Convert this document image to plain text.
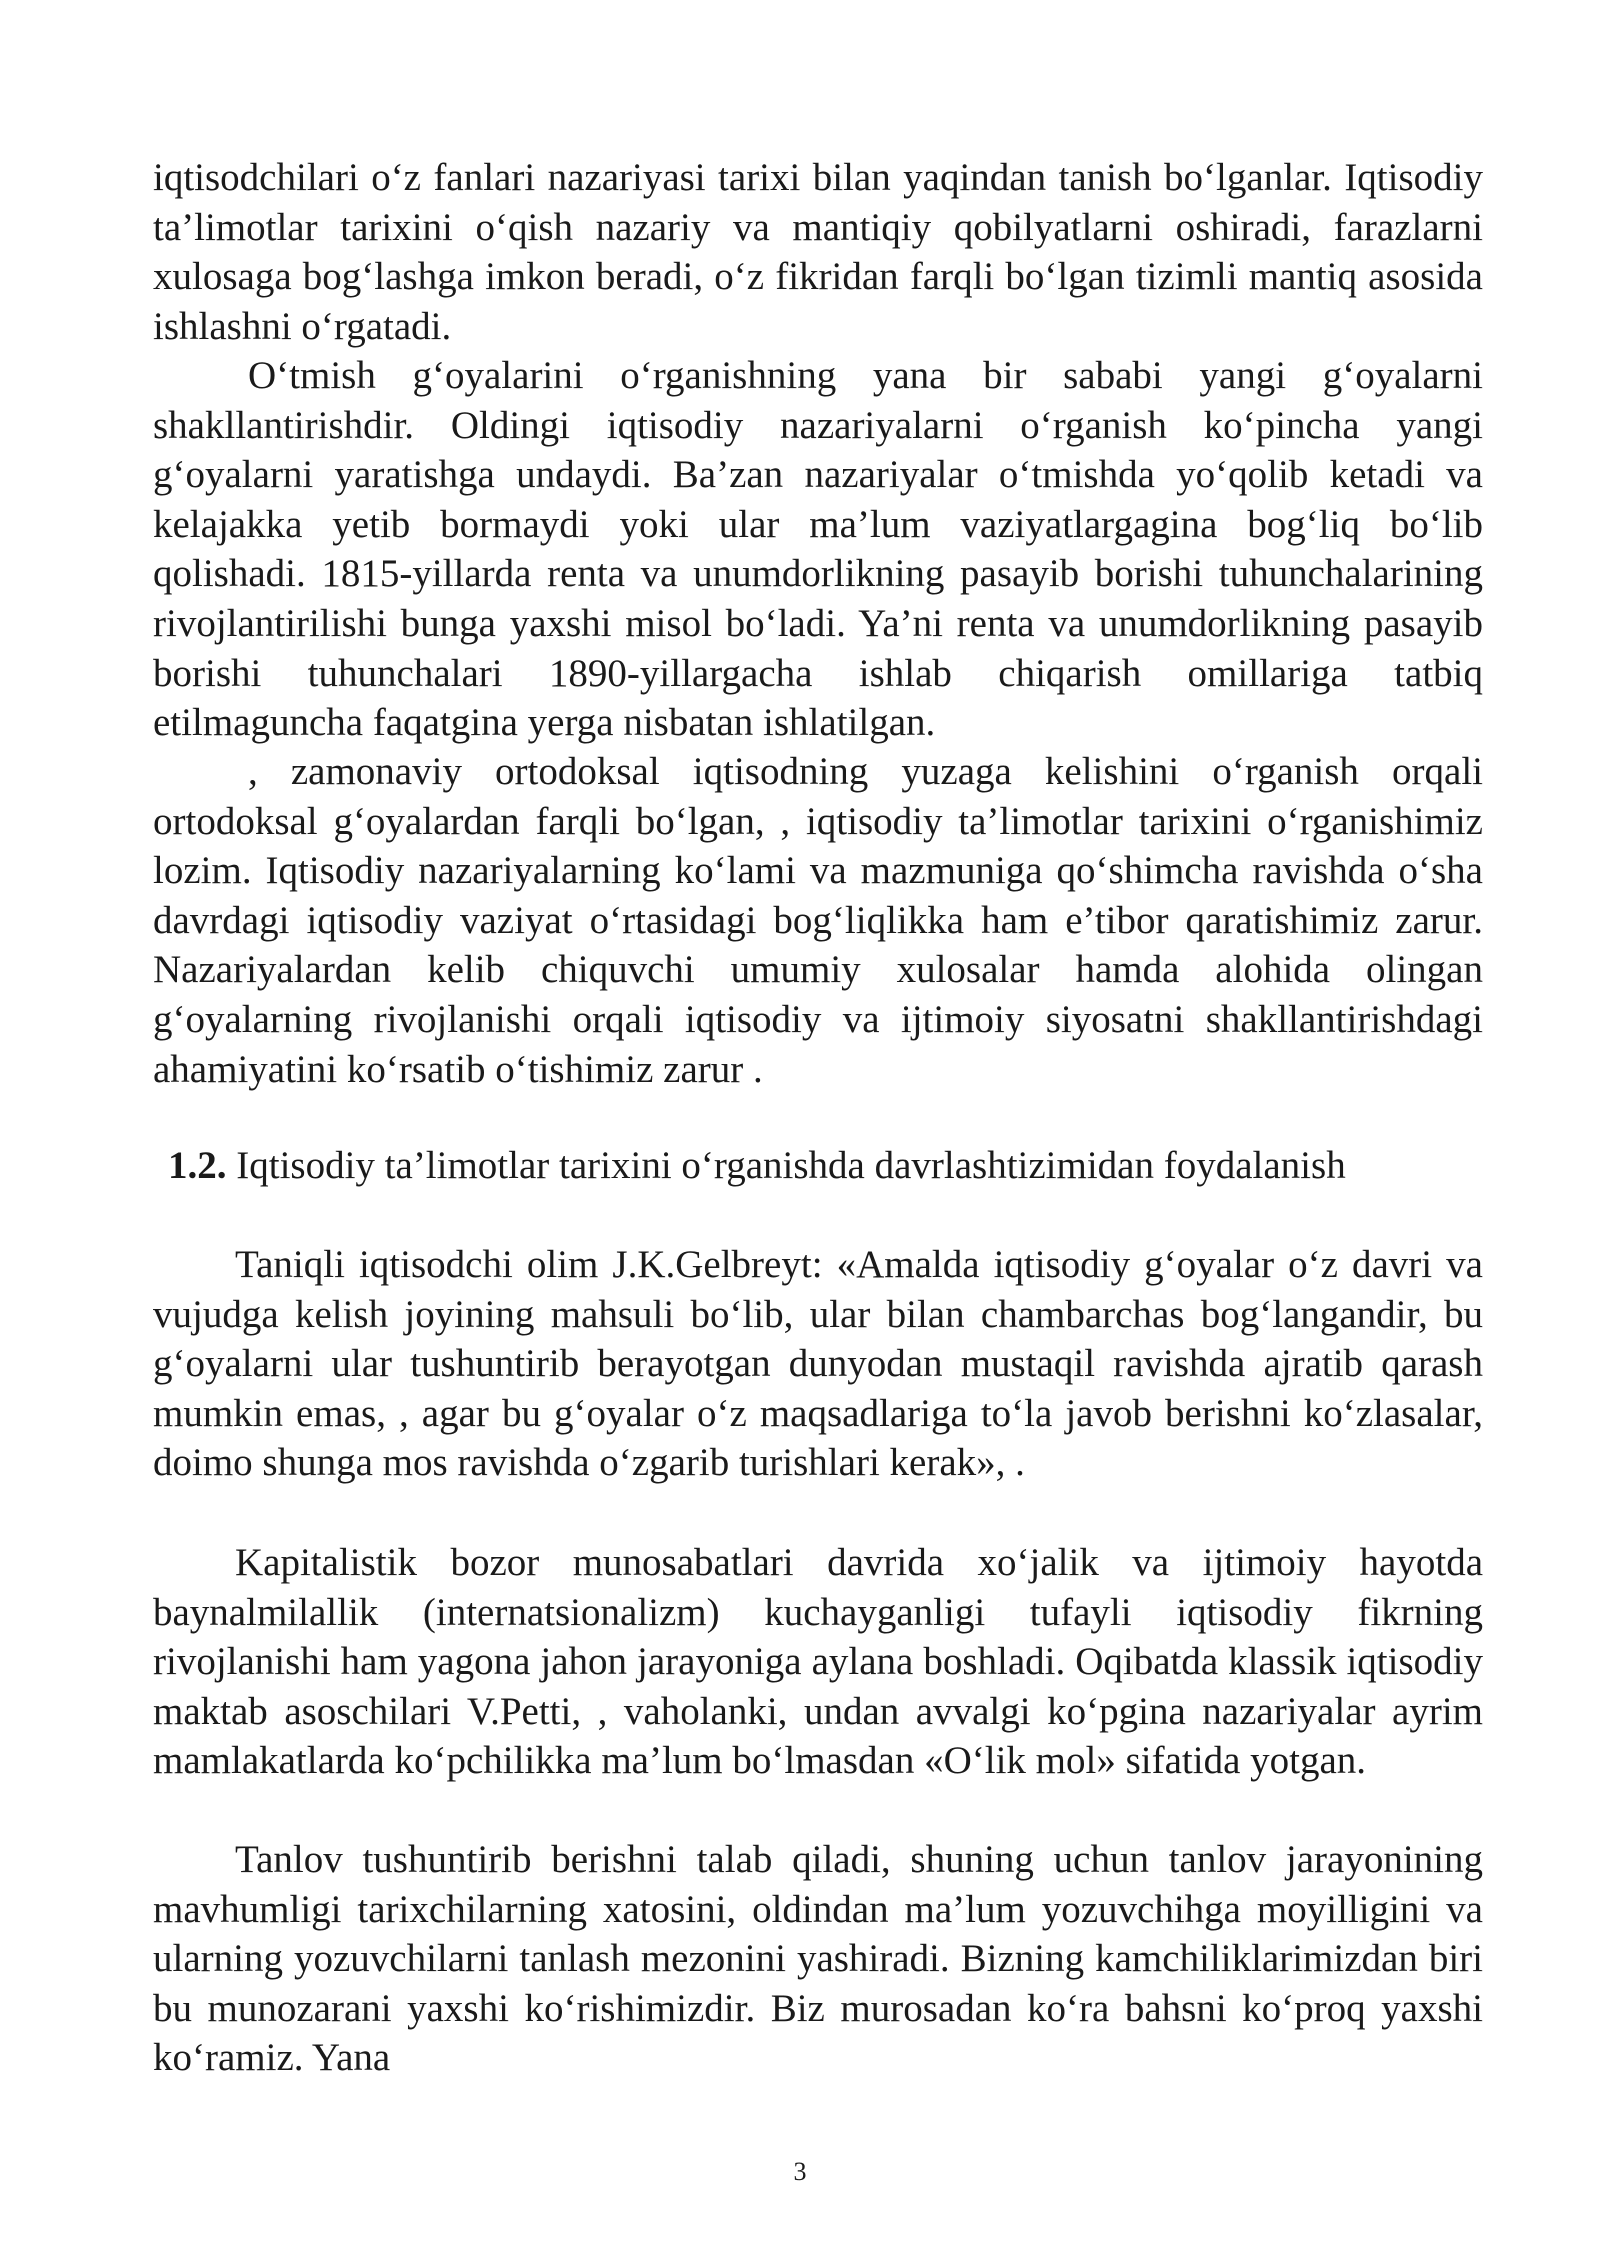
iqtisodchilari o‘z fanlari nazariyasi tarixi bilan yaqindan tanish bo‘lganlar. Iqtisodiy ta’limotlar tarixini o‘qish nazariy va mantiqiy qobilyatlarni oshiradi, farazlarni xulosaga bog‘lashga imkon beradi, o‘z fikridan farqli bo‘lgan tizimli mantiq asosida ishlashni o‘rgatadi.

O‘tmish g‘oyalarini o‘rganishning yana bir sababi yangi g‘oyalarni shakllantirishdir. Oldingi iqtisodiy nazariyalarni o‘rganish ko‘pincha yangi g‘oyalarni yaratishga undaydi. Ba’zan nazariyalar o‘tmishda yo‘qolib ketadi va kelajakka yetib bormaydi yoki ular ma’lum vaziyatlargagina bog‘liq bo‘lib qolishadi. 1815-yillarda renta va unumdorlikning pasayib borishi tuhunchalarining rivojlantirilishi bunga yaxshi misol bo‘ladi. Ya’ni renta va unumdorlikning pasayib borishi tuhunchalari 1890-yillargacha ishlab chiqarish omillariga tatbiq etilmaguncha faqatgina yerga nisbatan ishlatilgan.

, zamonaviy ortodoksal iqtisodning yuzaga kelishini o‘rganish orqali ortodoksal g‘oyalardan farqli bo‘lgan, , iqtisodiy ta’limotlar tarixini o‘rganishimiz lozim. Iqtisodiy nazariyalarning ko‘lami va mazmuniga qo‘shimcha ravishda o‘sha davrdagi iqtisodiy vaziyat o‘rtasidagi bog‘liqlikka ham e’tibor qaratishimiz zarur. Nazariyalardan kelib chiquvchi umumiy xulosalar hamda alohida olingan g‘oyalarning rivojlanishi orqali iqtisodiy va ijtimoiy siyosatni shakllantirishdagi ahamiyatini ko‘rsatib o‘tishimiz zarur .

1.2. Iqtisodiy ta’limotlar tarixini o‘rganishda davrlashtizimidan foydalanish

Taniqli iqtisodchi olim J.K.Gelbreyt: «Amalda iqtisodiy g‘oyalar o‘z davri va vujudga kelish joyining mahsuli bo‘lib, ular bilan chambarchas bog‘langandir, bu g‘oyalarni ular tushuntirib berayotgan dunyodan mustaqil ravishda ajratib qarash mumkin emas, , agar bu g‘oyalar o‘z maqsadlariga to‘la javob berishni ko‘zlasalar, doimo shunga mos ravishda o‘zgarib turishlari kerak», .

Kapitalistik bozor munosabatlari davrida xo‘jalik va ijtimoiy hayotda baynalmilallik (internatsionalizm) kuchayganligi tufayli iqtisodiy fikrning rivojlanishi ham yagona jahon jarayoniga aylana boshladi. Oqibatda klassik iqtisodiy maktab asoschilari V.Petti, , vaholanki, undan avvalgi ko‘pgina nazariyalar ayrim mamlakatlarda ko‘pchilikka ma’lum bo‘lmasdan «O‘lik mol» sifatida yotgan.

Tanlov tushuntirib berishni talab qiladi, shuning uchun tanlov jarayonining mavhumligi tarixchilarning xatosini, oldindan ma’lum yozuvchihga moyilligini va ularning yozuvchilarni tanlash mezonini yashiradi. Bizning kamchiliklarimizdan biri bu munozarani yaxshi ko‘rishimizdir. Biz murosadan ko‘ra bahsni ko‘proq yaxshi ko‘ramiz. Yana

3
